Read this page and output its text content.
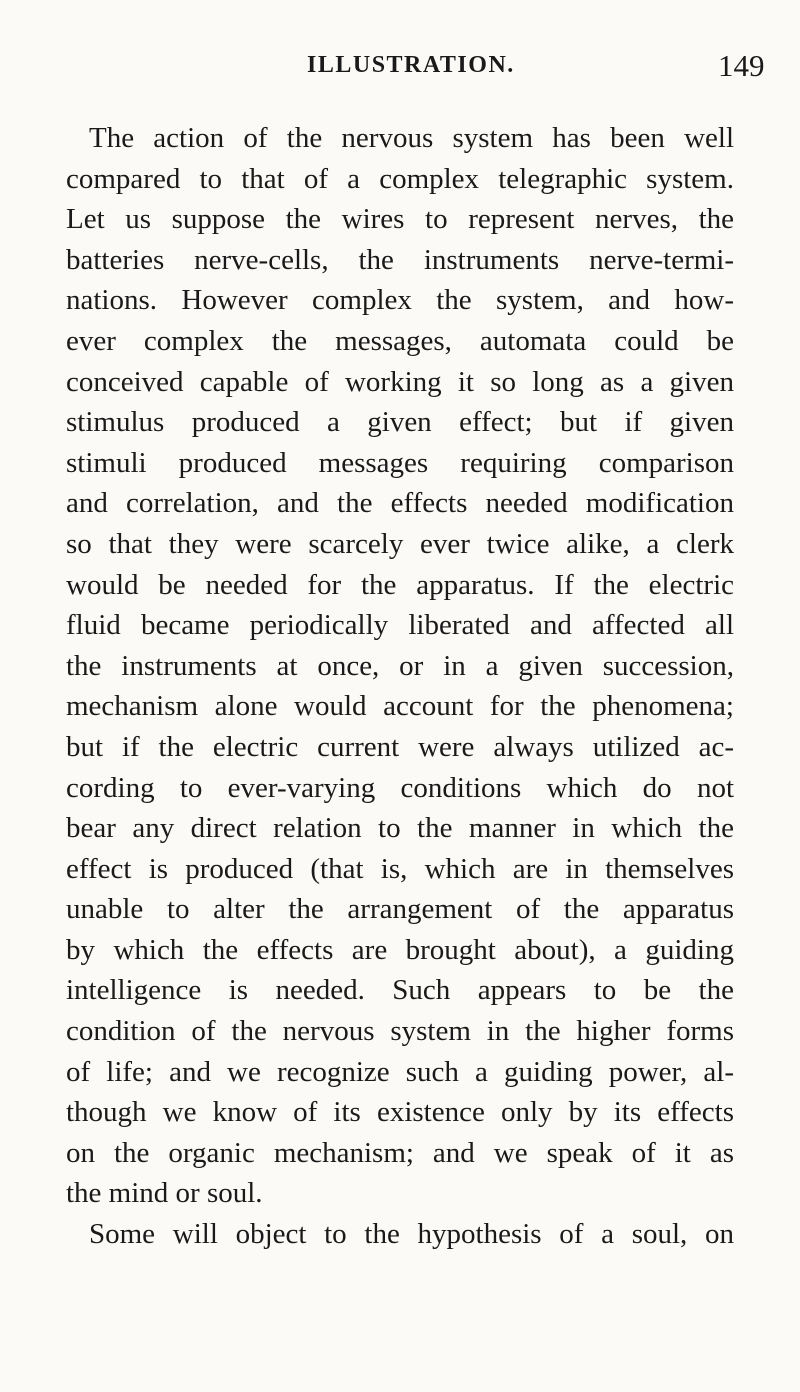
ILLUSTRATION.	149
The action of the nervous system has been well
compared to that of a complex telegraphic system.
Let us suppose the wires to represent nerves, the
batteries nerve-cells, the instruments nerve-termi-
nations. However complex the system, and how-
ever complex the messages, automata could be
conceived capable of working it so long as a given
stimulus produced a given effect; but if given
stimuli produced messages requiring comparison
and correlation, and the effects needed modification
so that they were scarcely ever twice alike, a clerk
would be needed for the apparatus. If the electric
fluid became periodically liberated and affected all
the instruments at once, or in a given succession,
mechanism alone would account for the phenomena;
but if the electric current were always utilized ac-
cording to ever-varying conditions which do not
bear any direct relation to the manner in which the
effect is produced (that is, which are in themselves
unable to alter the arrangement of the apparatus
by which the effects are brought about), a guiding
intelligence is needed. Such appears to be the
condition of the nervous system in the higher forms
of life; and we recognize such a guiding power, al-
though we know of its existence only by its effects
on the organic mechanism; and we speak of it as
the mind or soul.
Some will object to the hypothesis of a soul, on
